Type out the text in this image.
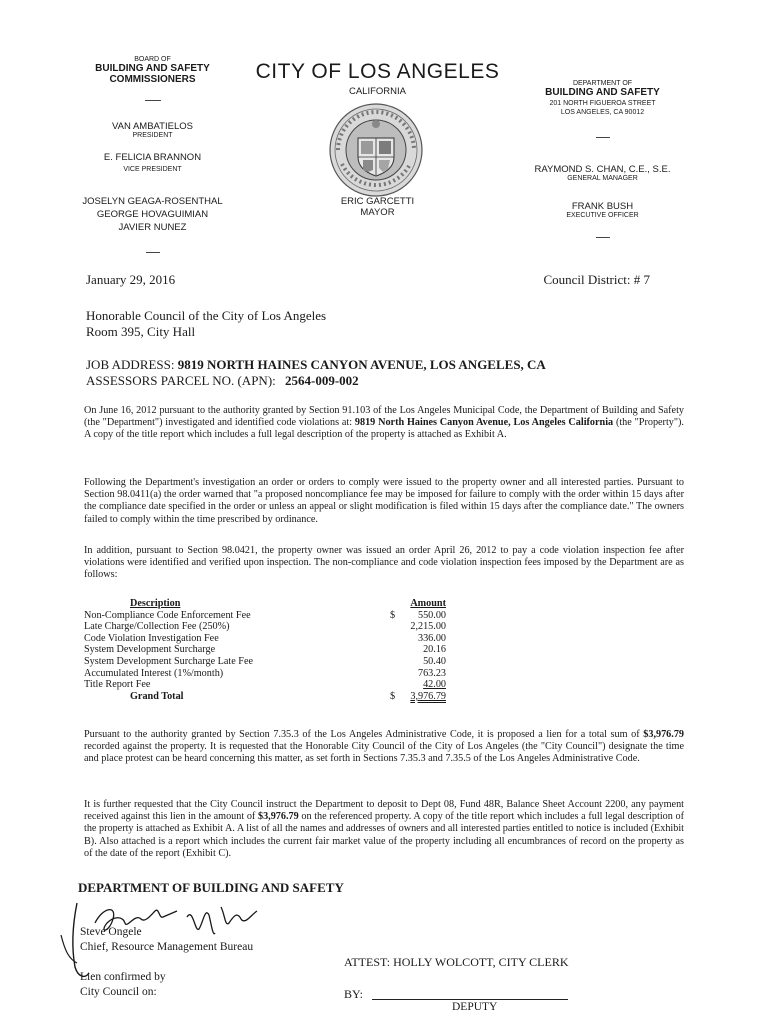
BOARD OF
BUILDING AND SAFETY
COMMISSIONERS
VAN AMBATIELOS
PRESIDENT
E. FELICIA BRANNON
VICE PRESIDENT
JOSELYN GEAGA-ROSENTHAL
GEORGE HOVAGUIMIAN
JAVIER NUNEZ
CITY OF LOS ANGELES
CALIFORNIA
ERIC GARCETTI
MAYOR
DEPARTMENT OF
BUILDING AND SAFETY
201 NORTH FIGUEROA STREET
LOS ANGELES, CA 90012
RAYMOND S. CHAN, C.E., S.E.
GENERAL MANAGER
FRANK BUSH
EXECUTIVE OFFICER
January 29, 2016	Council District: # 7
Honorable Council of the City of Los Angeles
Room 395, City Hall
JOB ADDRESS: 9819 NORTH HAINES CANYON AVENUE, LOS ANGELES, CA
ASSESSORS PARCEL NO. (APN): 2564-009-002
On June 16, 2012 pursuant to the authority granted by Section 91.103 of the Los Angeles Municipal Code, the Department of Building and Safety (the "Department") investigated and identified code violations at: 9819 North Haines Canyon Avenue, Los Angeles California (the "Property"). A copy of the title report which includes a full legal description of the property is attached as Exhibit A.
Following the Department's investigation an order or orders to comply were issued to the property owner and all interested parties. Pursuant to Section 98.0411(a) the order warned that "a proposed noncompliance fee may be imposed for failure to comply with the order within 15 days after the compliance date specified in the order or unless an appeal or slight modification is filed within 15 days after the compliance date." The owners failed to comply within the time prescribed by ordinance.
In addition, pursuant to Section 98.0421, the property owner was issued an order April 26, 2012 to pay a code violation inspection fee after violations were identified and verified upon inspection. The non-compliance and code violation inspection fees imposed by the Department are as follows:
Description	Amount
Non-Compliance Code Enforcement Fee	$ 550.00
Late Charge/Collection Fee (250%)	2,215.00
Code Violation Investigation Fee	336.00
System Development Surcharge	20.16
System Development Surcharge Late Fee	50.40
Accumulated Interest (1%/month)	763.23
Title Report Fee	42.00
Grand Total	$ 3,976.79
Pursuant to the authority granted by Section 7.35.3 of the Los Angeles Administrative Code, it is proposed a lien for a total sum of $3,976.79 recorded against the property. It is requested that the Honorable City Council of the City of Los Angeles (the "City Council") designate the time and place protest can be heard concerning this matter, as set forth in Sections 7.35.3 and 7.35.5 of the Los Angeles Administrative Code.
It is further requested that the City Council instruct the Department to deposit to Dept 08, Fund 48R, Balance Sheet Account 2200, any payment received against this lien in the amount of $3,976.79 on the referenced property. A copy of the title report which includes a full legal description of the property is attached as Exhibit A. A list of all the names and addresses of owners and all interested parties entitled to notice is included (Exhibit B). Also attached is a report which includes the current fair market value of the property including all encumbrances of record on the property as of the date of the report (Exhibit C).
DEPARTMENT OF BUILDING AND SAFETY
Steve Ongele
Chief, Resource Management Bureau
ATTEST: HOLLY WOLCOTT, CITY CLERK
Lien confirmed by
City Council on:	BY:
DEPUTY
